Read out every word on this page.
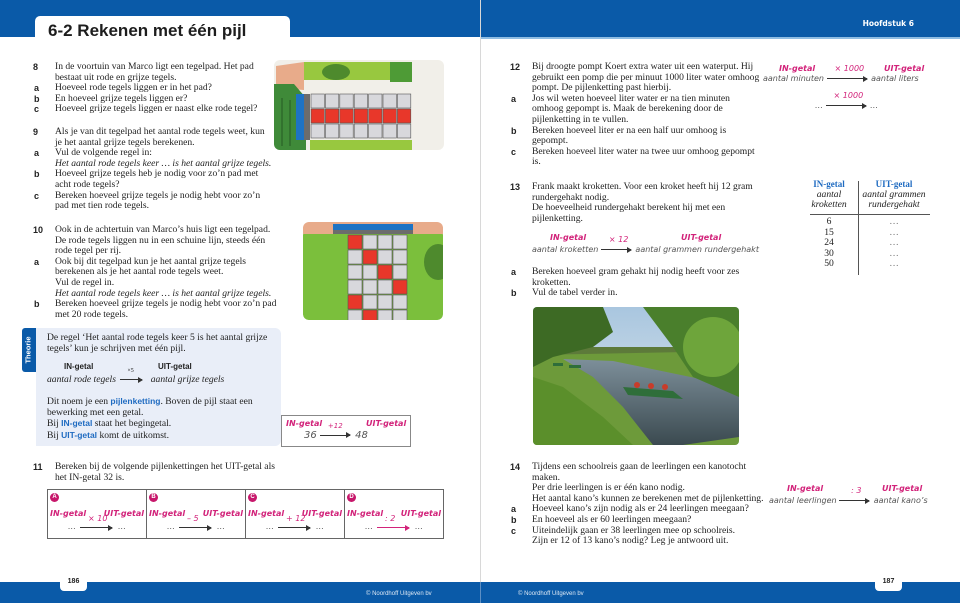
6-2 Rekenen met één pijl	Hoofdstuk 6
8	In de voortuin van Marco ligt een tegelpad. Het pad bestaat uit rode en grijze tegels.
a	Hoeveel rode tegels liggen er in het pad?
b	En hoeveel grijze tegels liggen er?
c	Hoeveel grijze tegels liggen er naast elke rode tegel?
9	Als je van dit tegelpad het aantal rode tegels weet, kun je het aantal grijze tegels berekenen.
a	Vul de volgende regel in:
Het aantal rode tegels keer … is het aantal grijze tegels.
b	Hoeveel grijze tegels heb je nodig voor zo’n pad met acht rode tegels?
c	Bereken hoeveel grijze tegels je nodig hebt voor zo’n pad met tien rode tegels.
10	Ook in de achtertuin van Marco’s huis ligt een tegelpad. De rode tegels liggen nu in een schuine lijn, steeds één rode tegel per rij.
a	Ook bij dit tegelpad kun je het aantal grijze tegels berekenen als je het aantal rode tegels weet.
Vul de regel in.
Het aantal rode tegels keer … is het aantal grijze tegels.
b	Bereken hoeveel grijze tegels je nodig hebt voor zo’n pad met 20 rode tegels.
Theorie De regel ‘Het aantal rode tegels keer 5 is het aantal grijze tegels’ kun je schrijven met één pijl.
IN-getal	UIT-getal
aantal rode tegels
×5
aantal grijze tegels
Dit noem je een pijlenketting. Boven de pijl staat een bewerking met een getal.
Bij IN-getal staat het begingetal.
Bij UIT-getal komt de uitkomst.
IN-getal	UIT-getal
36
+12
48
11	Bereken bij de volgende pijlenkettingen het UIT-getal als het IN-getal 32 is.
A
IN-getal UIT-getal
× 10
…	…
B
IN-getal UIT-getal
– 5
…	…
C
IN-getal UIT-getal
+ 12
…	…
D
IN-getal UIT-getal
: 2
…	…
12	Bij droogte pompt Koert extra water uit een waterput. Hij gebruikt een pomp die per minuut 1000 liter water omhoog pompt. De pijlenketting past hierbij.
a	Jos wil weten hoeveel liter water er na tien minuten omhoog gepompt is. Maak de berekening door de pijlenketting in te vullen.
b	Bereken hoeveel liter er na een half uur omhoog is gepompt.
c	Bereken hoeveel liter water na twee uur omhoog gepompt is.
IN-getal	UIT-getal
aantal minuten
× 1000
aantal liters
…
× 1000
…
13	Frank maakt kroketten. Voor een kroket heeft hij 12 gram rundergehakt nodig.
De hoeveelheid rundergehakt berekent hij met een pijlenketting.
IN-getal	UIT-getal
aantal kroketten
× 12
aantal grammen rundergehakt
a	Bereken hoeveel gram gehakt hij nodig heeft voor zes kroketten.
b	Vul de tabel verder in.
IN-getal
aantal
kroketten
UIT-getal
aantal grammen
rundergehakt
6	…
15	…
24	…
30	…
50	…
14	Tijdens een schoolreis gaan de leerlingen een kanotocht maken.
Per drie leerlingen is er één kano nodig.
Het aantal kano’s kunnen ze berekenen met de pijlenketting.
a	Hoeveel kano’s zijn nodig als er 24 leerlingen meegaan?
b	En hoeveel als er 60 leerlingen meegaan?
c	Uiteindelijk gaan er 38 leerlingen mee op schoolreis.
Zijn er 12 of 13 kano’s nodig? Leg je antwoord uit.
IN-getal	UIT-getal
aantal leerlingen
: 3
aantal kano’s
186	187
© Noordhoff Uitgeven bv	© Noordhoff Uitgeven bv
